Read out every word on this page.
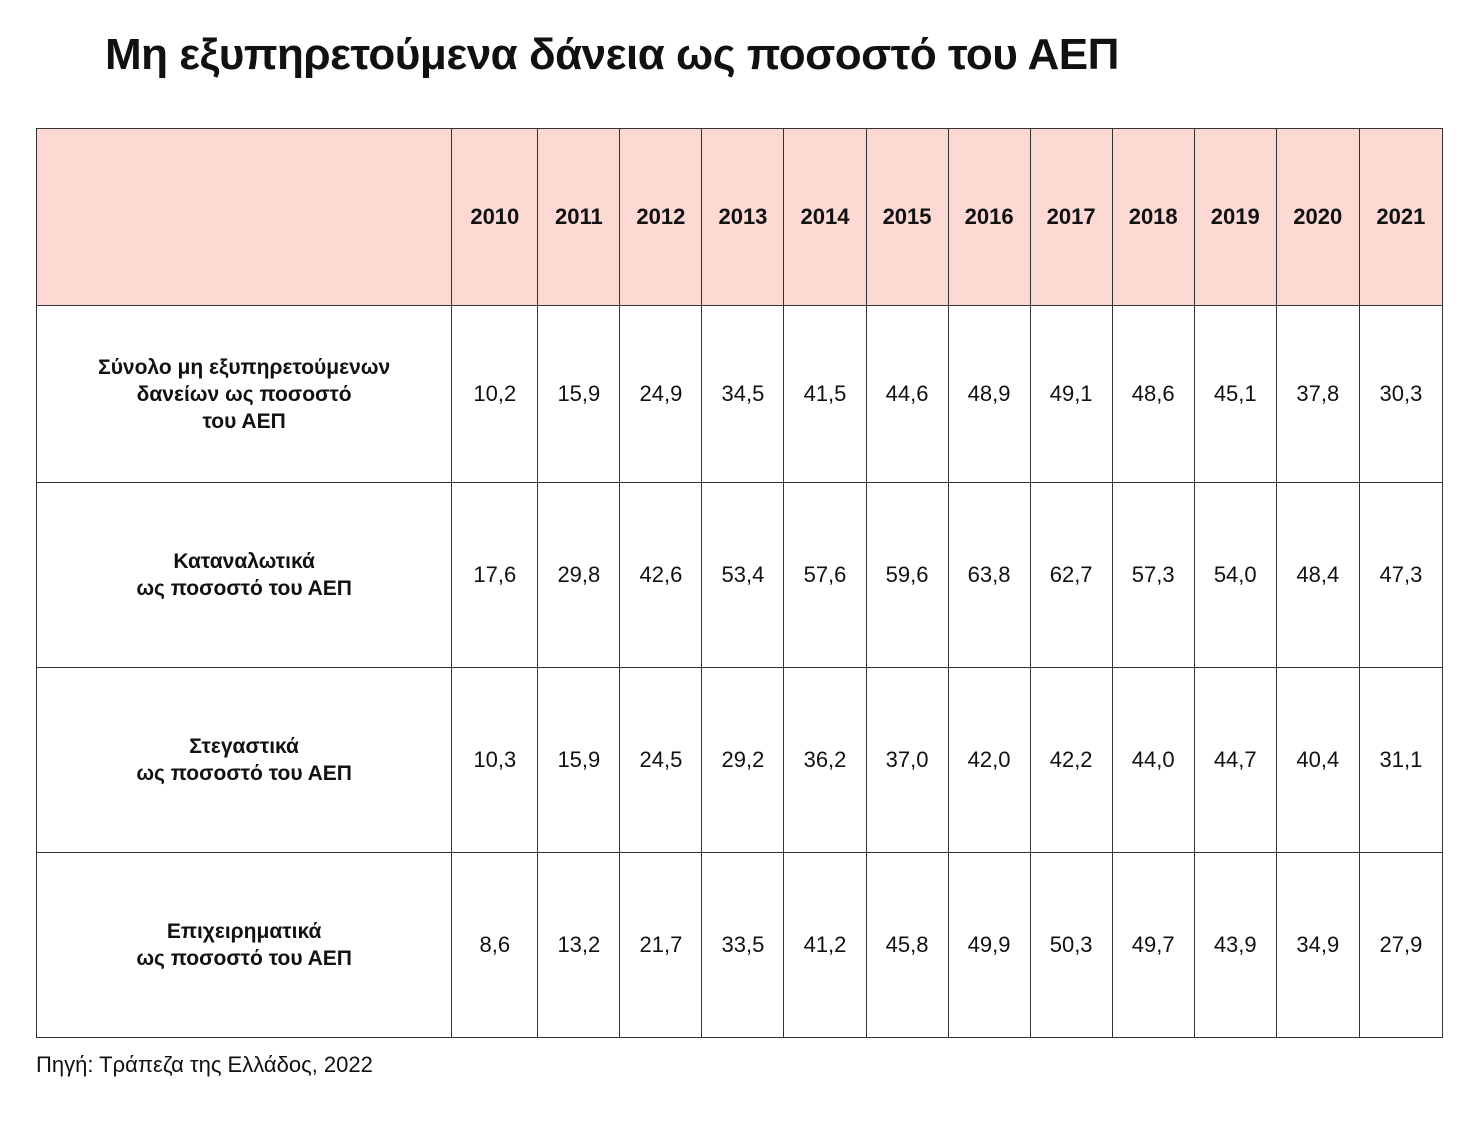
Μη εξυπηρετούμενα δάνεια ως ποσοστό του ΑΕΠ
	2010	2011	2012	2013	2014	2015	2016	2017	2018	2019	2020	2021
Σύνολο μη εξυπηρετούμενων
δανείων ως ποσοστό
του ΑΕΠ	10,2	15,9	24,9	34,5	41,5	44,6	48,9	49,1	48,6	45,1	37,8	30,3
Καταναλωτικά
ως ποσοστό του ΑΕΠ	17,6	29,8	42,6	53,4	57,6	59,6	63,8	62,7	57,3	54,0	48,4	47,3
Στεγαστικά
ως ποσοστό του ΑΕΠ	10,3	15,9	24,5	29,2	36,2	37,0	42,0	42,2	44,0	44,7	40,4	31,1
Επιχειρηματικά
ως ποσοστό του ΑΕΠ	8,6	13,2	21,7	33,5	41,2	45,8	49,9	50,3	49,7	43,9	34,9	27,9

Πηγή: Τράπεζα της Ελλάδος, 2022
